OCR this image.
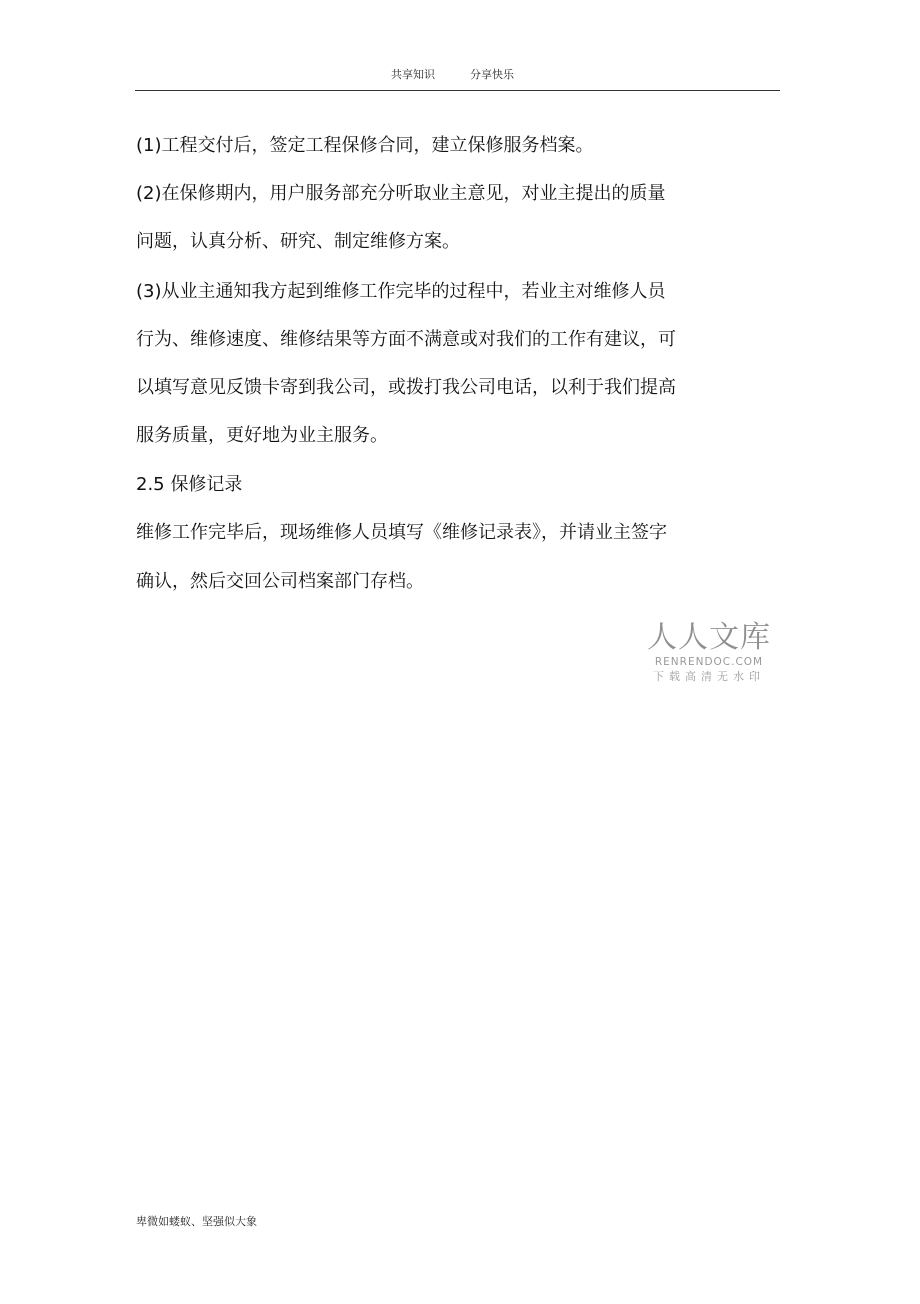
共享知识	分享快乐
(1)工程交付后，签定工程保修合同，建立保修服务档案。
(2)在保修期内，用户服务部充分听取业主意见，对业主提出的质量
问题，认真分析、研究、制定维修方案。
(3)从业主通知我方起到维修工作完毕的过程中，若业主对维修人员
行为、维修速度、维修结果等方面不满意或对我们的工作有建议，可
以填写意见反馈卡寄到我公司，或拨打我公司电话，以利于我们提高
服务质量，更好地为业主服务。
2.5 保修记录
维修工作完毕后，现场维修人员填写《维修记录表》，并请业主签字
确认，然后交回公司档案部门存档。
人人文库
RENRENDOC.COM
下载高清无水印
卑微如蝼蚁、坚强似大象
